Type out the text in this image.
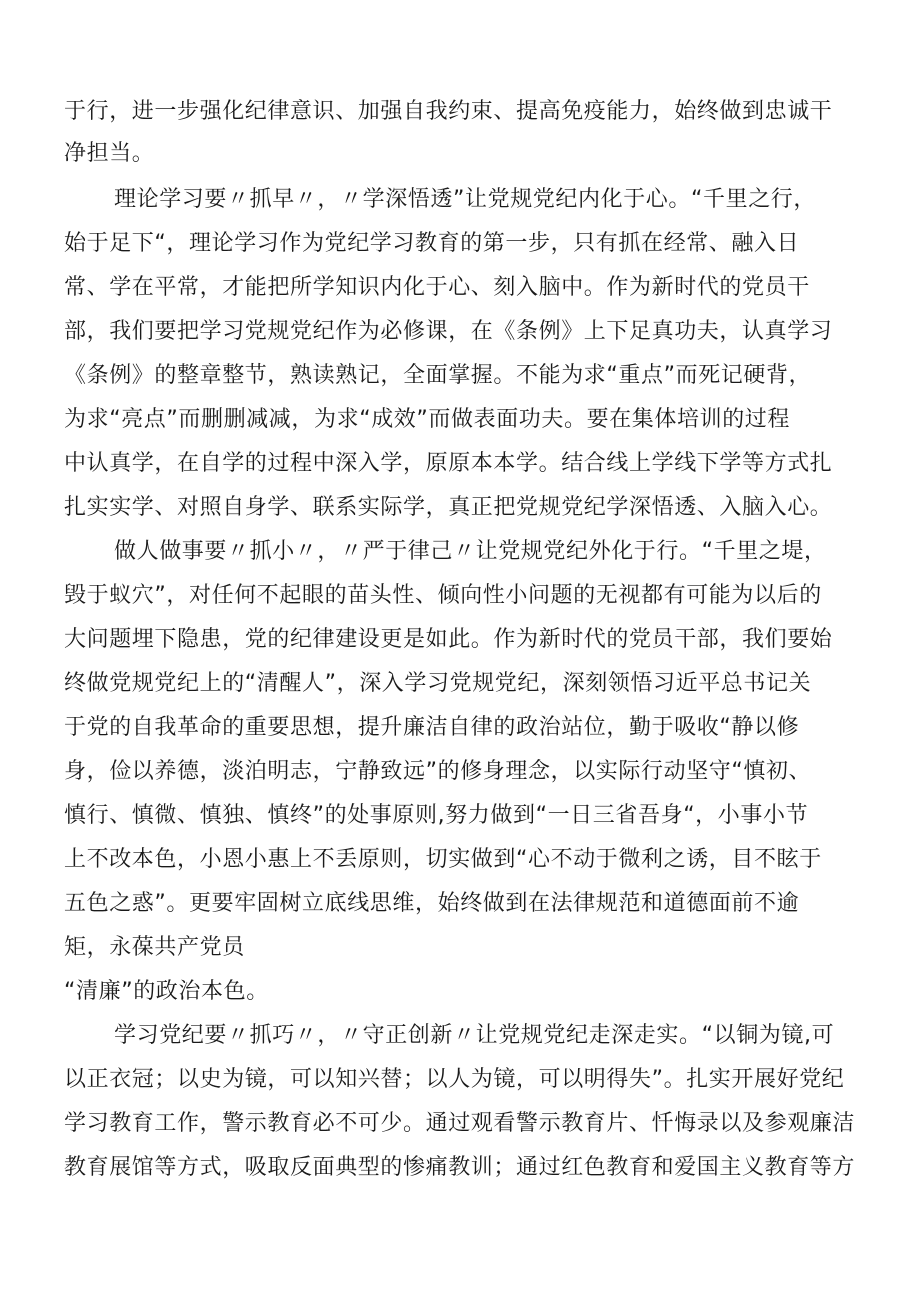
于行，进一步强化纪律意识、加强自我约束、提高免疫能力，始终做到忠诚干
净担当。
理论学习要〃抓早〃，〃学深悟透”让党规党纪内化于心。“千里之行，
始于足下“，理论学习作为党纪学习教育的第一步，只有抓在经常、融入日
常、学在平常，才能把所学知识内化于心、刻入脑中。作为新时代的党员干
部，我们要把学习党规党纪作为必修课，在《条例》上下足真功夫，认真学习
《条例》的整章整节，熟读熟记，全面掌握。不能为求“重点”而死记硬背，
为求“亮点”而删删减减，为求“成效”而做表面功夫。要在集体培训的过程
中认真学，在自学的过程中深入学，原原本本学。结合线上学线下学等方式扎
扎实实学、对照自身学、联系实际学，真正把党规党纪学深悟透、入脑入心。
做人做事要〃抓小〃，〃严于律己〃让党规党纪外化于行。“千里之堤，
毁于蚁穴”，对任何不起眼的苗头性、倾向性小问题的无视都有可能为以后的
大问题埋下隐患，党的纪律建设更是如此。作为新时代的党员干部，我们要始
终做党规党纪上的“清醒人”，深入学习党规党纪，深刻领悟习近平总书记关
于党的自我革命的重要思想，提升廉洁自律的政治站位，勤于吸收“静以修
身，俭以养德，淡泊明志，宁静致远”的修身理念，以实际行动坚守“慎初、
慎行、慎微、慎独、慎终”的处事原则,努力做到“一日三省吾身“，小事小节
上不改本色，小恩小惠上不丢原则，切实做到“心不动于微利之诱，目不眩于
五色之惑”。更要牢固树立底线思维，始终做到在法律规范和道德面前不逾
矩，永葆共产党员
“清廉”的政治本色。
学习党纪要〃抓巧〃，〃守正创新〃让党规党纪走深走实。“以铜为镜,可
以正衣冠；以史为镜，可以知兴替；以人为镜，可以明得失”。扎实开展好党纪
学习教育工作，警示教育必不可少。通过观看警示教育片、忏悔录以及参观廉洁
教育展馆等方式，吸取反面典型的惨痛教训；通过红色教育和爱国主义教育等方
